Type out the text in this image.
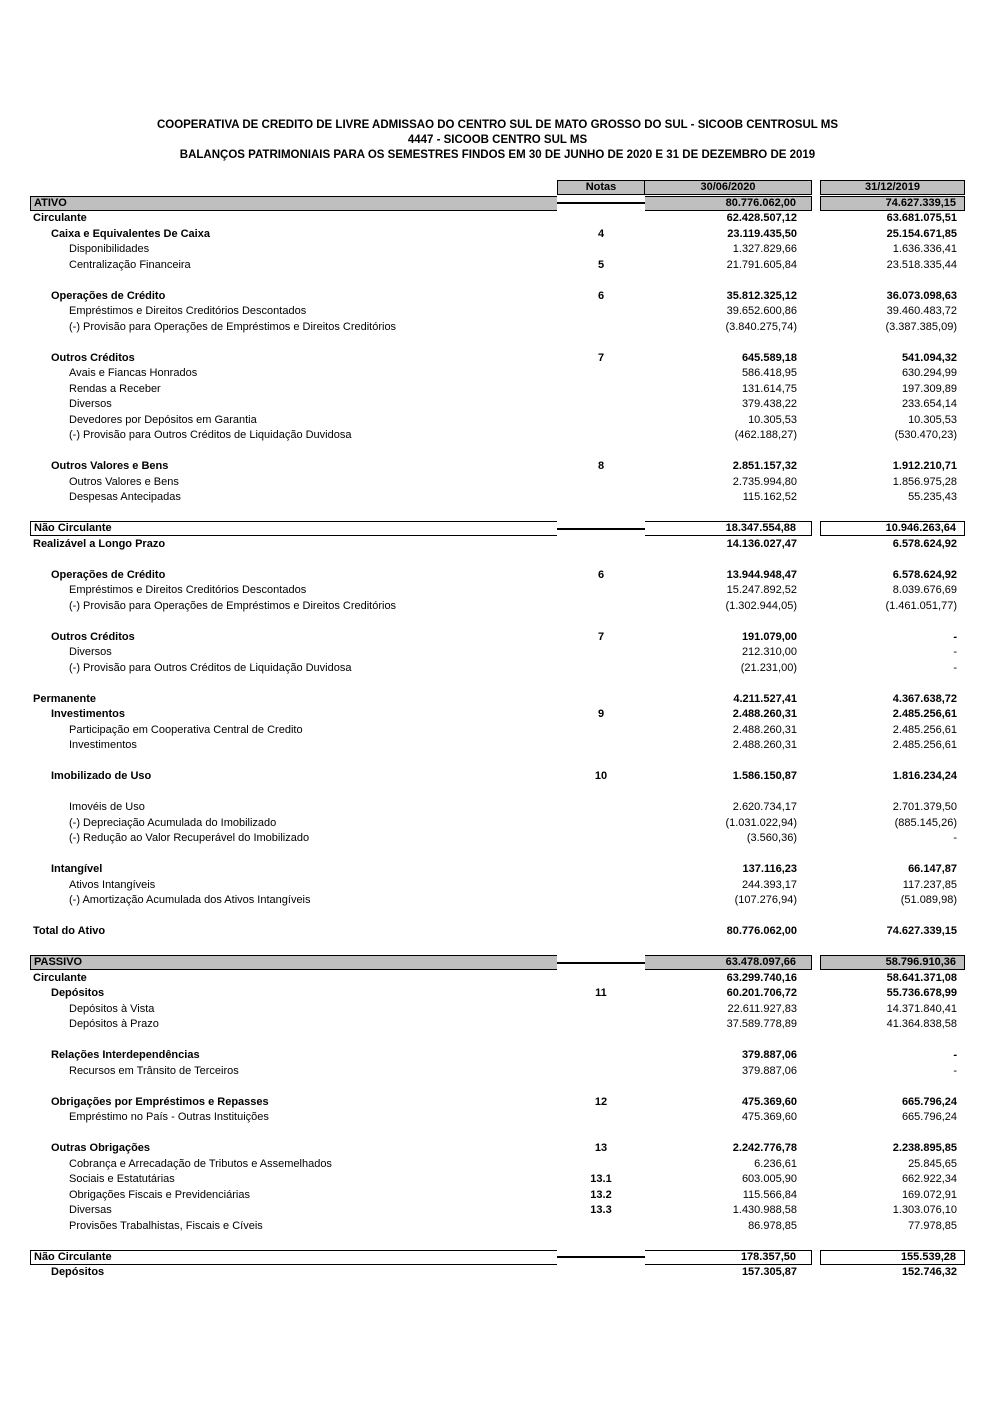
COOPERATIVA DE CREDITO DE LIVRE ADMISSAO DO CENTRO SUL DE MATO GROSSO DO SUL - SICOOB CENTROSUL MS
4447 - SICOOB CENTRO SUL MS
BALANÇOS PATRIMONIAIS PARA OS SEMESTRES FINDOS EM 30 DE JUNHO DE 2020 E 31 DE DEZEMBRO DE 2019
Notas	30/06/2020	31/12/2019
ATIVO	80.776.062,00	74.627.339,15
Circulante	62.428.507,12	63.681.075,51
Caixa e Equivalentes De Caixa	4	23.119.435,50	25.154.671,85
Disponibilidades	1.327.829,66	1.636.336,41
Centralização Financeira	5	21.791.605,84	23.518.335,44
Operações de Crédito	6	35.812.325,12	36.073.098,63
Empréstimos e Direitos Creditórios Descontados	39.652.600,86	39.460.483,72
(-) Provisão para Operações de Empréstimos e Direitos Creditórios	(3.840.275,74)	(3.387.385,09)
Outros Créditos	7	645.589,18	541.094,32
Avais e Fiancas Honrados	586.418,95	630.294,99
Rendas a Receber	131.614,75	197.309,89
Diversos	379.438,22	233.654,14
Devedores por Depósitos em Garantia	10.305,53	10.305,53
(-) Provisão para Outros Créditos de Liquidação Duvidosa	(462.188,27)	(530.470,23)
Outros Valores e Bens	8	2.851.157,32	1.912.210,71
Outros Valores e Bens	2.735.994,80	1.856.975,28
Despesas Antecipadas	115.162,52	55.235,43
Não Circulante	18.347.554,88	10.946.263,64
Realizável a Longo Prazo	14.136.027,47	6.578.624,92
Operações de Crédito	6	13.944.948,47	6.578.624,92
Empréstimos e Direitos Creditórios Descontados	15.247.892,52	8.039.676,69
(-) Provisão para Operações de Empréstimos e Direitos Creditórios	(1.302.944,05)	(1.461.051,77)
Outros Créditos	7	191.079,00	-
Diversos	212.310,00	-
(-) Provisão para Outros Créditos de Liquidação Duvidosa	(21.231,00)	-
Permanente	4.211.527,41	4.367.638,72
Investimentos	9	2.488.260,31	2.485.256,61
Participação em Cooperativa Central de Credito	2.488.260,31	2.485.256,61
Investimentos	2.488.260,31	2.485.256,61
Imobilizado de Uso	10	1.586.150,87	1.816.234,24
Imovéis de Uso	2.620.734,17	2.701.379,50
(-) Depreciação Acumulada do Imobilizado	(1.031.022,94)	(885.145,26)
(-) Redução ao Valor Recuperável do Imobilizado	(3.560,36)	-
Intangível	137.116,23	66.147,87
Ativos Intangíveis	244.393,17	117.237,85
(-) Amortização Acumulada dos Ativos Intangíveis	(107.276,94)	(51.089,98)
Total do Ativo	80.776.062,00	74.627.339,15
PASSIVO	63.478.097,66	58.796.910,36
Circulante	63.299.740,16	58.641.371,08
Depósitos	11	60.201.706,72	55.736.678,99
Depósitos à Vista	22.611.927,83	14.371.840,41
Depósitos à Prazo	37.589.778,89	41.364.838,58
Relações Interdependências	379.887,06	-
Recursos em Trânsito de Terceiros	379.887,06	-
Obrigações por Empréstimos e Repasses	12	475.369,60	665.796,24
Empréstimo no País - Outras Instituições	475.369,60	665.796,24
Outras Obrigações	13	2.242.776,78	2.238.895,85
Cobrança e Arrecadação de Tributos e Assemelhados	6.236,61	25.845,65
Sociais e Estatutárias	13.1	603.005,90	662.922,34
Obrigações Fiscais e Previdenciárias	13.2	115.566,84	169.072,91
Diversas	13.3	1.430.988,58	1.303.076,10
Provisões Trabalhistas, Fiscais e Cíveis	86.978,85	77.978,85
Não Circulante	178.357,50	155.539,28
Depósitos	157.305,87	152.746,32
